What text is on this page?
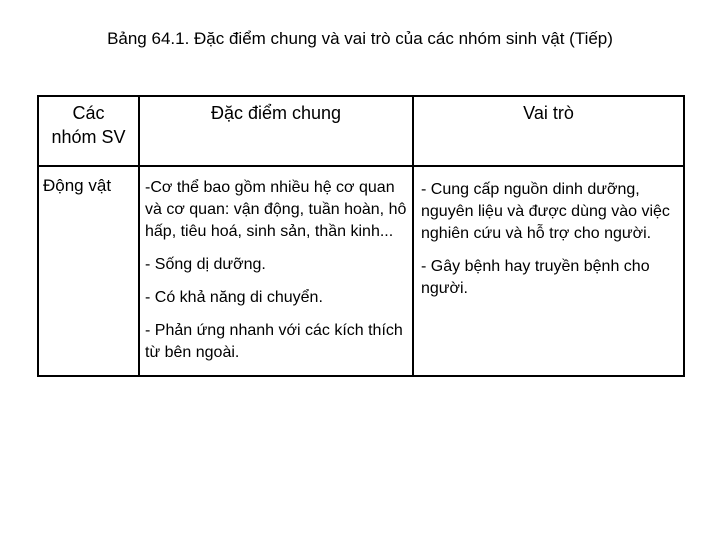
Bảng 64.1. Đặc điểm chung và vai trò của các nhóm sinh vật (Tiếp)
Các
nhóm SV
Đặc điểm chung	Vai trò
Động vật	-Cơ thể bao gồm nhiều hệ cơ quan và cơ quan: vận động, tuần hoàn, hô hấp, tiêu hoá, sinh sản, thần kinh...

- Sống dị dưỡng.

- Có khả năng di chuyển.

- Phản ứng nhanh với các kích thích từ bên ngoài.

- Cung cấp nguồn dinh dưỡng, nguyên liệu và được dùng vào việc nghiên cứu và hỗ trợ cho người.

- Gây bệnh hay truyền bệnh cho người.
